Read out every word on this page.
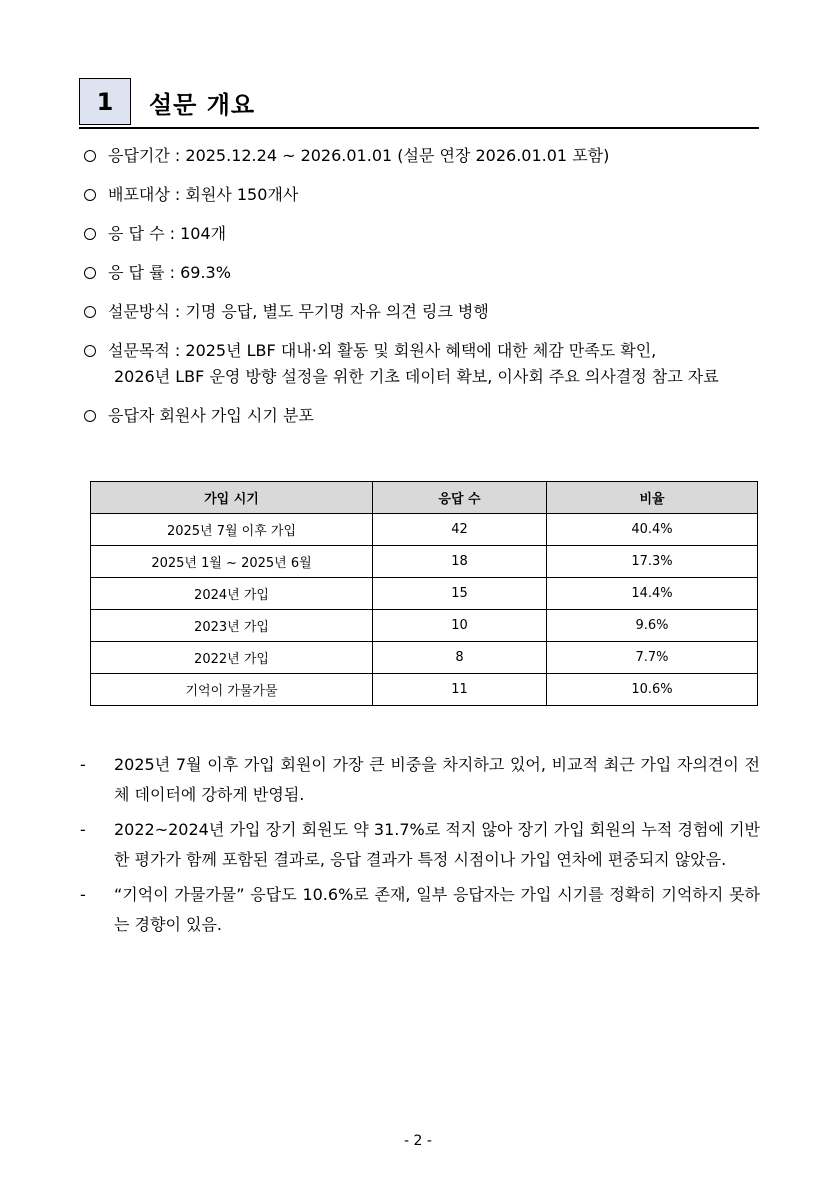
1	설문 개요
응답기간 : 2025.12.24 ~ 2026.01.01 (설문 연장 2026.01.01 포함)
배포대상 : 회원사 150개사
응 답 수 : 104개
응 답 률 : 69.3%
설문방식 : 기명 응답, 별도 무기명 자유 의견 링크 병행
설문목적 : 2025년 LBF 대내·외 활동 및 회원사 혜택에 대한 체감 만족도 확인,
2026년 LBF 운영 방향 설정을 위한 기초 데이터 확보, 이사회 주요 의사결정 참고 자료
응답자 회원사 가입 시기 분포
가입 시기	응답 수	비율
2025년 7월 이후 가입	42	40.4%
2025년 1월 ~ 2025년 6월	18	17.3%
2024년 가입	15	14.4%
2023년 가입	10	9.6%
2022년 가입	8	7.7%
기억이 가물가물	11	10.6%
- 2025년 7월 이후 가입 회원이 가장 큰 비중을 차지하고 있어, 비교적 최근 가입 자의견이 전체 데이터에 강하게 반영됨.
- 2022~2024년 가입 장기 회원도 약 31.7%로 적지 않아 장기 가입 회원의 누적 경험에 기반한 평가가 함께 포함된 결과로, 응답 결과가 특정 시점이나 가입 연차에 편중되지 않았음.
- “기억이 가물가물” 응답도 10.6%로 존재, 일부 응답자는 가입 시기를 정확히 기억하지 못하는 경향이 있음.
- 2 -
